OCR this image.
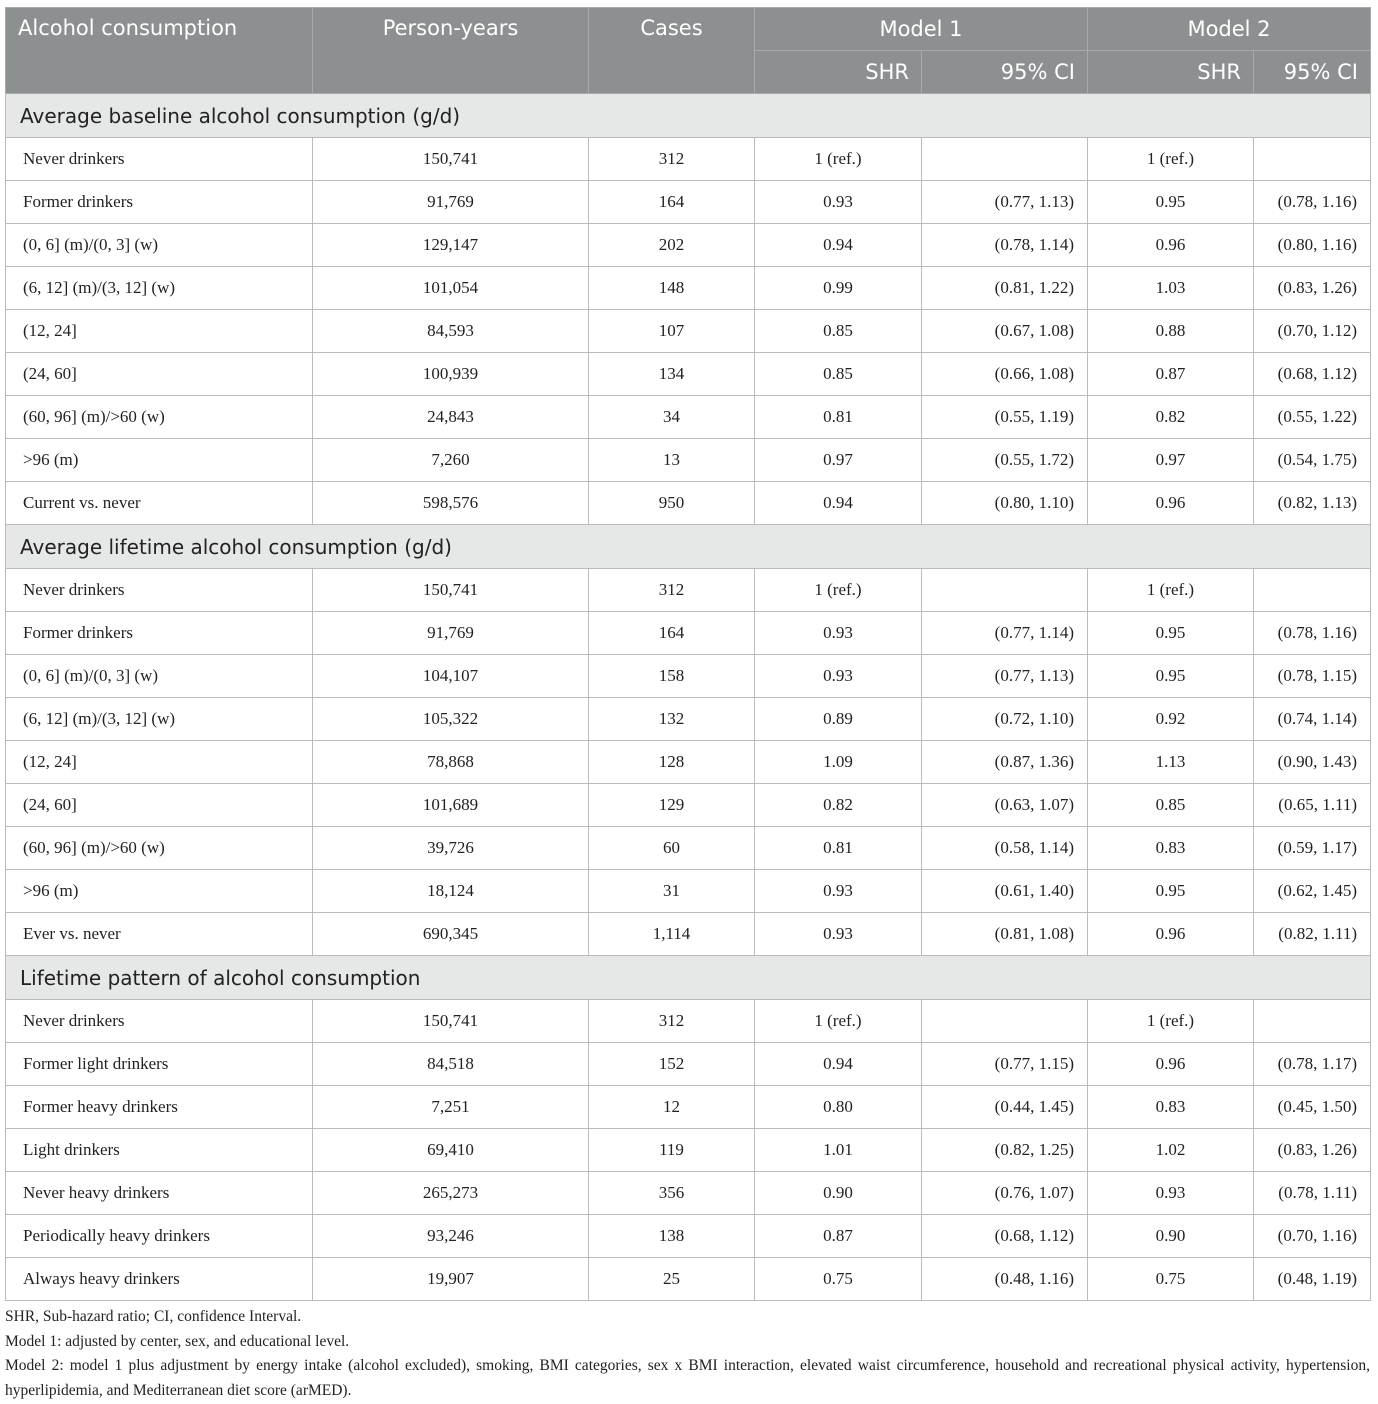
Alcohol consumption	Person-years	Cases	Model 1		Model 2	
			SHR	95% CI	SHR	95% CI
Average baseline alcohol consumption (g/d)						
Never drinkers	150,741	312	1 (ref.)		1 (ref.)	
Former drinkers	91,769	164	0.93	(0.77, 1.13)	0.95	(0.78, 1.16)
(0, 6] (m)/(0, 3] (w)	129,147	202	0.94	(0.78, 1.14)	0.96	(0.80, 1.16)
(6, 12] (m)/(3, 12] (w)	101,054	148	0.99	(0.81, 1.22)	1.03	(0.83, 1.26)
(12, 24]	84,593	107	0.85	(0.67, 1.08)	0.88	(0.70, 1.12)
(24, 60]	100,939	134	0.85	(0.66, 1.08)	0.87	(0.68, 1.12)
(60, 96] (m)/>60 (w)	24,843	34	0.81	(0.55, 1.19)	0.82	(0.55, 1.22)
>96 (m)	7,260	13	0.97	(0.55, 1.72)	0.97	(0.54, 1.75)
Current vs. never	598,576	950	0.94	(0.80, 1.10)	0.96	(0.82, 1.13)
Average lifetime alcohol consumption (g/d)						
Never drinkers	150,741	312	1 (ref.)		1 (ref.)	
Former drinkers	91,769	164	0.93	(0.77, 1.14)	0.95	(0.78, 1.16)
(0, 6] (m)/(0, 3] (w)	104,107	158	0.93	(0.77, 1.13)	0.95	(0.78, 1.15)
(6, 12] (m)/(3, 12] (w)	105,322	132	0.89	(0.72, 1.10)	0.92	(0.74, 1.14)
(12, 24]	78,868	128	1.09	(0.87, 1.36)	1.13	(0.90, 1.43)
(24, 60]	101,689	129	0.82	(0.63, 1.07)	0.85	(0.65, 1.11)
(60, 96] (m)/>60 (w)	39,726	60	0.81	(0.58, 1.14)	0.83	(0.59, 1.17)
>96 (m)	18,124	31	0.93	(0.61, 1.40)	0.95	(0.62, 1.45)
Ever vs. never	690,345	1,114	0.93	(0.81, 1.08)	0.96	(0.82, 1.11)
Lifetime pattern of alcohol consumption						
Never drinkers	150,741	312	1 (ref.)		1 (ref.)	
Former light drinkers	84,518	152	0.94	(0.77, 1.15)	0.96	(0.78, 1.17)
Former heavy drinkers	7,251	12	0.80	(0.44, 1.45)	0.83	(0.45, 1.50)
Light drinkers	69,410	119	1.01	(0.82, 1.25)	1.02	(0.83, 1.26)
Never heavy drinkers	265,273	356	0.90	(0.76, 1.07)	0.93	(0.78, 1.11)
Periodically heavy drinkers	93,246	138	0.87	(0.68, 1.12)	0.90	(0.70, 1.16)
Always heavy drinkers	19,907	25	0.75	(0.48, 1.16)	0.75	(0.48, 1.19)
SHR, Sub-hazard ratio; CI, confidence Interval.
Model 1: adjusted by center, sex, and educational level.
Model 2: model 1 plus adjustment by energy intake (alcohol excluded), smoking, BMI categories, sex x BMI interaction, elevated waist circumference, household and recreational physical activity, hypertension, hyperlipidemia, and Mediterranean diet score (arMED).
